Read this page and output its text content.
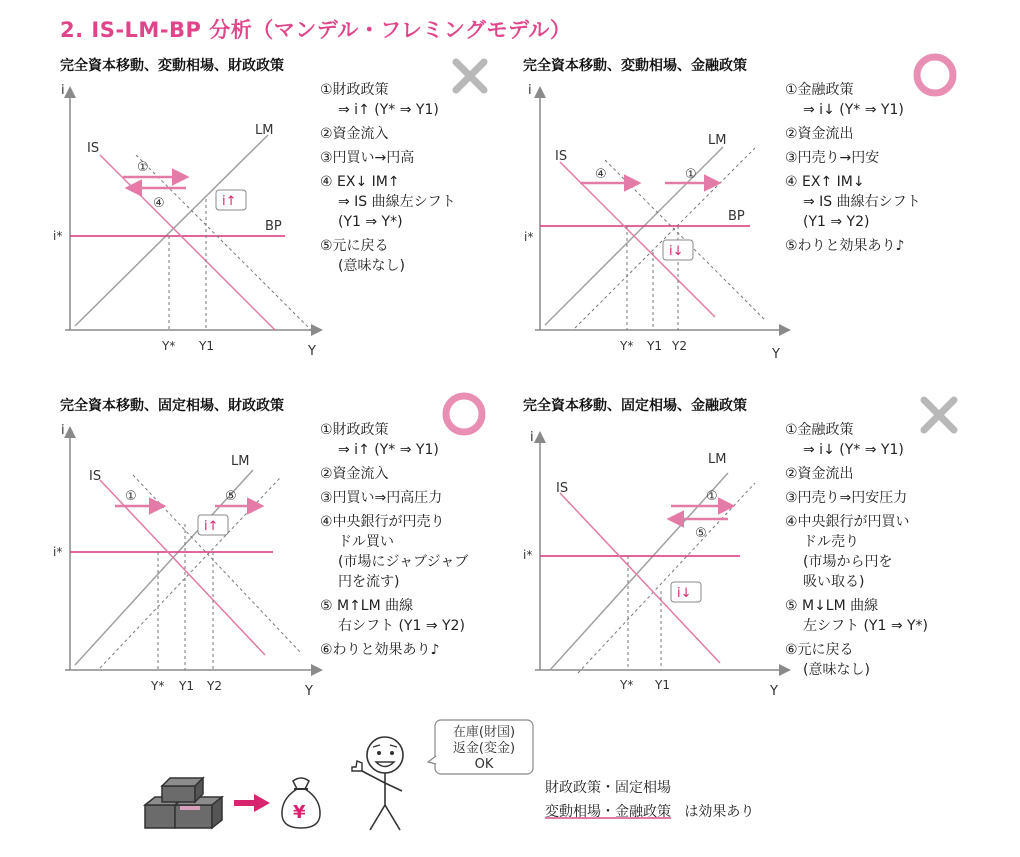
2. IS-LM-BP 分析（マンデル・フレミングモデル）
完全資本移動、変動相場、財政政策
i
Y
LM
BP
i*
IS
Y* Y1
①
④	i↑
①財政政策
⇒ i↑ (Y* ⇒ Y1)
②資金流入
③円買い→円高
④ EX↓ IM↑
⇒ IS 曲線左シフト
(Y1 ⇒ Y*)
⑤元に戻る
(意味なし)
完全資本移動、変動相場、金融政策
i
Y
LM
BP
i*
IS
Y* Y1 Y2
④	①
i↓
①金融政策
⇒ i↓ (Y* ⇒ Y1)
②資金流出
③円売り→円安
④ EX↑ IM↓
⇒ IS 曲線右シフト
(Y1 ⇒ Y2)
⑤わりと効果あり♪
完全資本移動、固定相場、財政政策
i
Y
LM
i*
IS
Y* Y1 Y2
①	⑤
i↑
①財政政策
⇒ i↑ (Y* ⇒ Y1)
②資金流入
③円買い⇒円高圧力
④中央銀行が円売り
ドル買い
(市場にジャブジャブ
円を流す)
⑤ M↑LM 曲線
右シフト (Y1 ⇒ Y2)
⑥わりと効果あり♪
完全資本移動、固定相場、金融政策
i
Y
LM
i*
IS
Y* Y1
①
⑤
i↓
①金融政策
⇒ i↓ (Y* ⇒ Y1)
②資金流出
③円売り⇒円安圧力
④中央銀行が円買い
ドル売り
(市場から円を
吸い取る)
⑤ M↓LM 曲線
左シフト (Y1 ⇒ Y*)
⑥元に戻る
(意味なし)
¥
在庫(財国)
返金(変金)
OK
財政政策・固定相場
変動相場・金融政策 は効果あり
